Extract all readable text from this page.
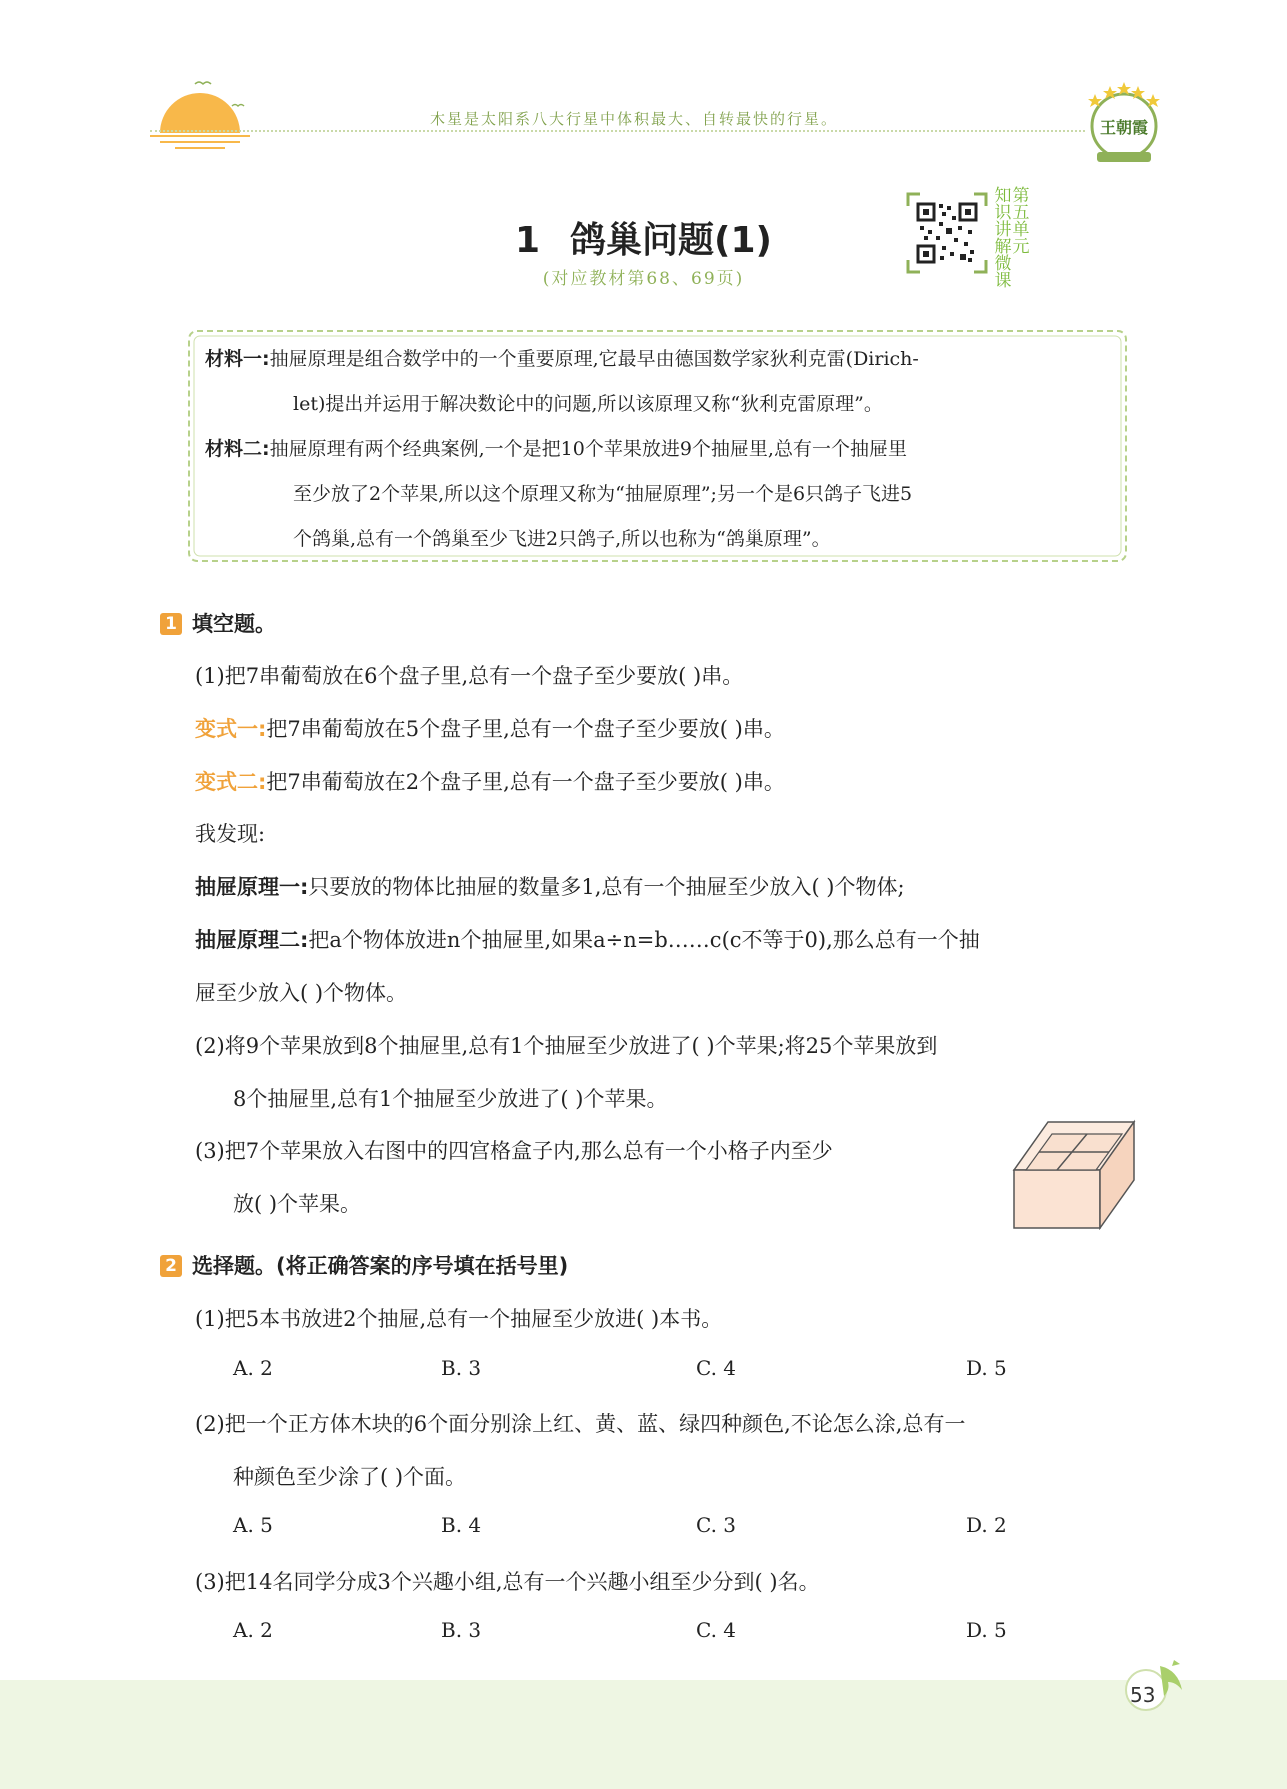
木星是太阳系八大行星中体积最大、自转最快的行星。	王朝霞
1 鸽巢问题(1)
(对应教材第68、69页)
知识讲解微课第五单元
材料一:抽屉原理是组合数学中的一个重要原理,它最早由德国数学家狄利克雷(Dirich-
let)提出并运用于解决数论中的问题,所以该原理又称“狄利克雷原理”。
材料二:抽屉原理有两个经典案例,一个是把10个苹果放进9个抽屉里,总有一个抽屉里
至少放了2个苹果,所以这个原理又称为“抽屉原理”;另一个是6只鸽子飞进5
个鸽巢,总有一个鸽巢至少飞进2只鸽子,所以也称为“鸽巢原理”。
1 填空题。
(1)把7串葡萄放在6个盘子里,总有一个盘子至少要放( )串。
变式一:把7串葡萄放在5个盘子里,总有一个盘子至少要放( )串。
变式二:把7串葡萄放在2个盘子里,总有一个盘子至少要放( )串。
我发现:
抽屉原理一:只要放的物体比抽屉的数量多1,总有一个抽屉至少放入( )个物体;
抽屉原理二:把a个物体放进n个抽屉里,如果a÷n=b……c(c不等于0),那么总有一个抽
屉至少放入( )个物体。
(2)将9个苹果放到8个抽屉里,总有1个抽屉至少放进了( )个苹果;将25个苹果放到
8个抽屉里,总有1个抽屉至少放进了( )个苹果。
(3)把7个苹果放入右图中的四宫格盒子内,那么总有一个小格子内至少
放( )个苹果。
2 选择题。(将正确答案的序号填在括号里)
(1)把5本书放进2个抽屉,总有一个抽屉至少放进( )本书。
A. 2	B. 3	C. 4	D. 5
(2)把一个正方体木块的6个面分别涂上红、黄、蓝、绿四种颜色,不论怎么涂,总有一
种颜色至少涂了( )个面。
A. 5	B. 4	C. 3	D. 2
(3)把14名同学分成3个兴趣小组,总有一个兴趣小组至少分到( )名。
A. 2	B. 3	C. 4	D. 5
53
